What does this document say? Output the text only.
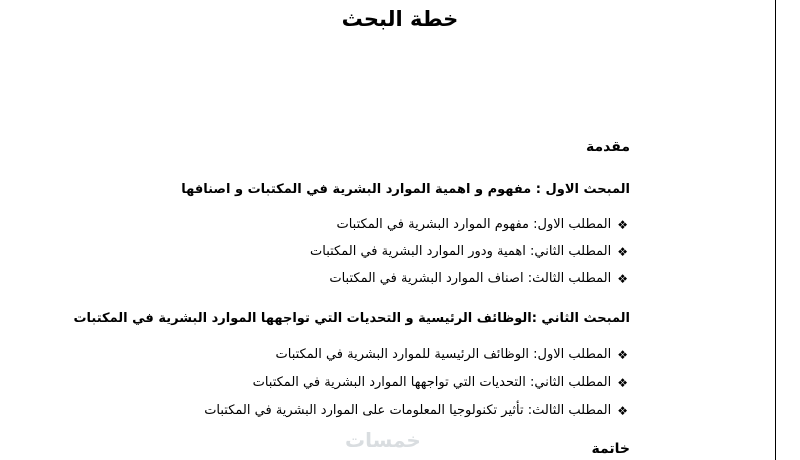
خطة البحث

مقدمة

المبحث الاول : مفهوم و اهمية الموارد البشرية في المكتبات و اصنافها

❖
المطلب الاول: مفهوم الموارد البشرية في المكتبات

❖
المطلب الثاني: اهمية ودور الموارد البشرية في المكتبات

❖
المطلب الثالث: اصناف الموارد البشرية في المكتبات

المبحث الثاني :الوظائف الرئيسية و التحديات التي تواجهها الموارد البشرية في المكتبات

❖
المطلب الاول: الوظائف الرئيسية للموارد البشرية في المكتبات

❖
المطلب الثاني: التحديات التي تواجهها الموارد البشرية في المكتبات

❖
المطلب الثالث: تأثير تكنولوجيا المعلومات على الموارد البشرية في المكتبات

خمسات	خاتمة
